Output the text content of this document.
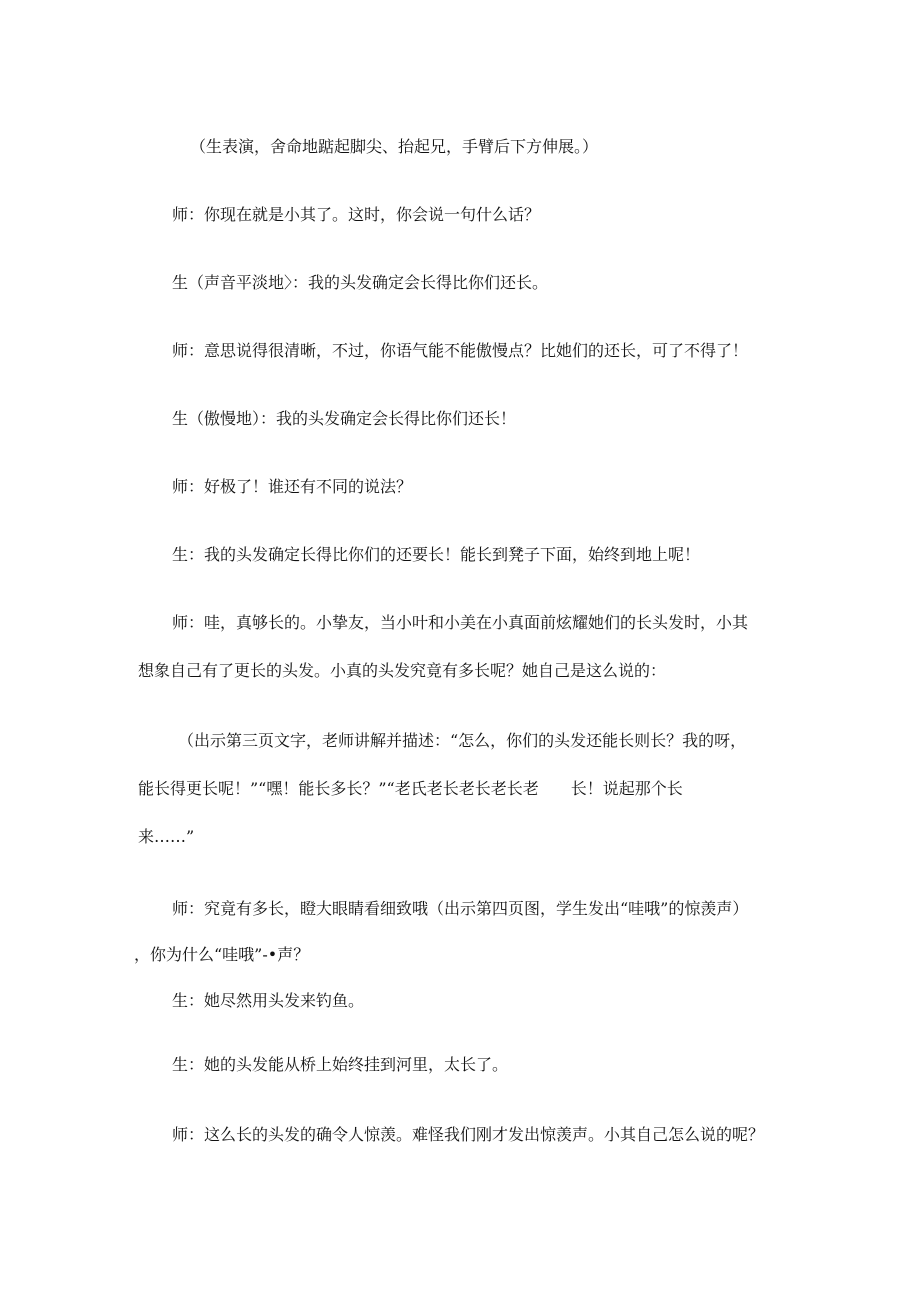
（生表演，舍命地踮起脚尖、抬起兄，手臂后下方伸展。）
师：你现在就是小其了。这时，你会说一句什么话？
生（声音平淡地〉：我的头发确定会长得比你们还长。
师：意思说得很清晰，不过，你语气能不能傲慢点？比她们的还长，可了不得了！
生（傲慢地）：我的头发确定会长得比你们还长！
师：好极了！谁还有不同的说法？
生：我的头发确定长得比你们的还要长！能长到凳子下面，始终到地上呢！
师：哇，真够长的。小挚友，当小叶和小美在小真面前炫耀她们的长头发时，小其
想象自己有了更长的头发。小真的头发究竟有多长呢？她自己是这么说的：
（出示第三页文字，老师讲解并描述：“怎么，你们的头发还能长则长？我的呀，
能长得更长呢！”“嘿！能长多长？”“老氏老长老长老长老　　长！说起那个长
来……”
师：究竟有多长，瞪大眼睛看细致哦（出示第四页图，学生发出“哇哦”的惊羡声）
，你为什么“哇哦”-•声？
生：她尽然用头发来钓鱼。
生：她的头发能从桥上始终挂到河里，太长了。
师：这么长的头发的确令人惊羡。难怪我们刚才发出惊羡声。小其自己怎么说的呢？
